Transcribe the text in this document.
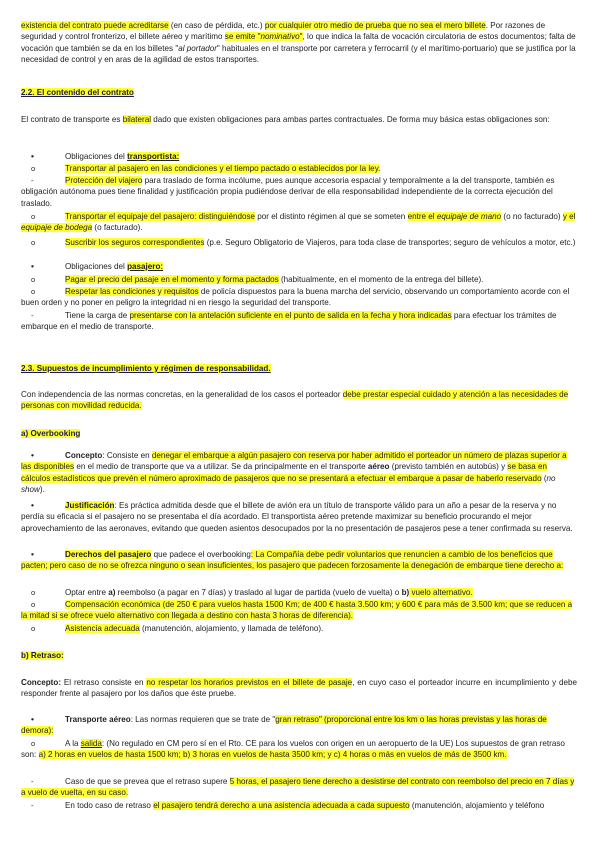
existencia del contrato puede acreditarse (en caso de pérdida, etc.) por cualquier otro medio de prueba que no sea el mero billete. Por razones de seguridad y control fronterizo, el billete aéreo y marítimo se emite "nominativo", lo que indica la falta de vocación circulatoria de estos documentos; falta de vocación que también se da en los billetes "al portador" habituales en el transporte por carretera y ferrocarril (y el marítimo-portuario) que se justifica por la necesidad de control y en aras de la agilidad de estos transportes.

2.2. El contenido del contrato

El contrato de transporte es bilateral dado que existen obligaciones para ambas partes contractuales. De forma muy básica estas obligaciones son:

•	Obligaciones del transportista:
o	Transportar al pasajero en las condiciones y el tiempo pactado o establecidos por la ley.
-	Protección del viajero para traslado de forma incólume, pues aunque accesoria espacial y temporalmente a la del transporte, también es obligación autónoma pues tiene finalidad y justificación propia pudiéndose derivar de ella responsabilidad independiente de la correcta ejecución del traslado.
o	Transportar el equipaje del pasajero: distinguiéndose por el distinto régimen al que se someten entre el equipaje de mano (o no facturado) y el equipaje de bodega (o facturado).
o	Suscribir los seguros correspondientes (p.e. Seguro Obligatorio de Viajeros, para toda clase de transportes; seguro de vehículos a motor, etc.)
•	Obligaciones del pasajero:
o	Pagar el precio del pasaje en el momento y forma pactados (habitualmente, en el momento de la entrega del billete).
o	Respetar las condiciones y requisitos de policía dispuestos para la buena marcha del servicio, observando un comportamiento acorde con el buen orden y no poner en peligro la integridad ni en riesgo la seguridad del transporte.
-	Tiene la carga de presentarse con la antelación suficiente en el punto de salida en la fecha y hora indicadas para efectuar los trámites de embarque en el medio de transporte.

2.3. Supuestos de incumplimiento y régimen de responsabilidad.

Con independencia de las normas concretas, en la generalidad de los casos el porteador debe prestar especial cuidado y atención a las necesidades de personas con movilidad reducida.

a) Overbooking

•	Concepto: Consiste en denegar el embarque a algún pasajero con reserva por haber admitido el porteador un número de plazas superior a las disponibles en el medio de transporte que va a utilizar. Se da principalmente en el transporte aéreo (previsto también en autobús) y se basa en cálculos estadísticos que prevén el número aproximado de pasajeros que no se presentará a efectuar el embarque a pasar de haberlo reservado (no show).
•	Justificación: Es práctica admitida desde que el billete de avión era un título de transporte válido para un año a pesar de la reserva y no perdía su eficacia si el pasajero no se presentaba el día acordado. El transportista aéreo pretende maximizar su beneficio procurando el mejor aprovechamiento de las aeronaves, evitando que queden asientos desocupados por la no presentación de pasajeros pese a tener confirmada su reserva.
•	Derechos del pasajero que padece el overbooking: La Compañía debe pedir voluntarios que renuncien a cambio de los beneficios que pacten; pero caso de no se ofrezca ninguno o sean insuficientes, los pasajero que padecen forzosamente la denegación de embarque tiene derecho a:
o	Optar entre a) reembolso (a pagar en 7 días) y traslado al lugar de partida (vuelo de vuelta) o b) vuelo alternativo.
o	Compensación económica (de 250 € para vuelos hasta 1500 Km; de 400 € hasta 3.500 km; y 600 € para más de 3.500 km; que se reducen a la mitad si se ofrece vuelo alternativo con llegada a destino con hasta 3 horas de diferencia).
o	Asistencia adecuada (manutención, alojamiento, y llamada de teléfono).

b) Retraso:

Concepto: El retraso consiste en no respetar los horarios previstos en el billete de pasaje, en cuyo caso el porteador incurre en incumplimiento y debe responder frente al pasajero por los daños que éste pruebe.

•	Transporte aéreo: Las normas requieren que se trate de "gran retraso" (proporcional entre los km o las horas previstas y las horas de demora):
o	A la salida: (No regulado en CM pero sí en el Rto. CE para los vuelos con origen en un aeropuerto de la UE) Los supuestos de gran retraso son: a) 2 horas en vuelos de hasta 1500 km; b) 3 horas en vuelos de hasta 3500 km; y c) 4 horas o más en vuelos de más de 3500 km.
-	Caso de que se prevea que el retraso supere 5 horas, el pasajero tiene derecho a desistirse del contrato con reembolso del precio en 7 días y a vuelo de vuelta, en su caso.
-	En todo caso de retraso el pasajero tendrá derecho a una asistencia adecuada a cada supuesto (manutención, alojamiento y teléfono
